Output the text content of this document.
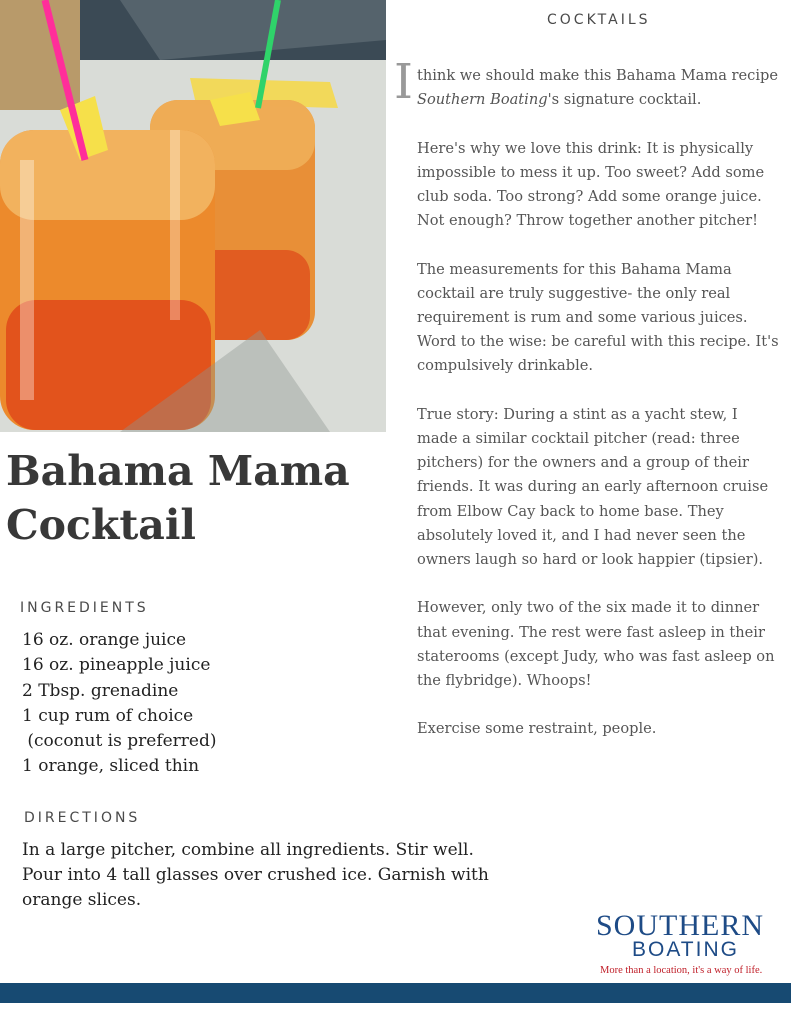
COCKTAILS
Bahama Mama
Cocktail
INGREDIENTS
16 oz. orange juice
16 oz. pineapple juice
2 Tbsp. grenadine
1 cup rum of choice
(coconut is preferred)
1 orange, sliced thin
DIRECTIONS

In a large pitcher, combine all ingredients. Stir well.

Pour into 4 tall glasses over crushed ice. Garnish with orange slices.

I think we should make this Bahama Mama recipe Southern Boating's signature cocktail.

Here's why we love this drink: It is physically impossible to mess it up. Too sweet? Add some club soda. Too strong? Add some orange juice. Not enough? Throw together another pitcher!

The measurements for this Bahama Mama cocktail are truly suggestive- the only real requirement is rum and some various juices. Word to the wise: be careful with this recipe. It's compulsively drinkable.

True story: During a stint as a yacht stew, I made a similar cocktail pitcher (read: three pitchers) for the owners and a group of their friends. It was during an early afternoon cruise from Elbow Cay back to home base. They absolutely loved it, and I had never seen the owners laugh so hard or look happier (tipsier).

However, only two of the six made it to dinner that evening. The rest were fast asleep in their staterooms (except Judy, who was fast asleep on the flybridge). Whoops!

Exercise some restraint, people.

SOUTHERN
BOATING
More than a location, it's a way of life.
